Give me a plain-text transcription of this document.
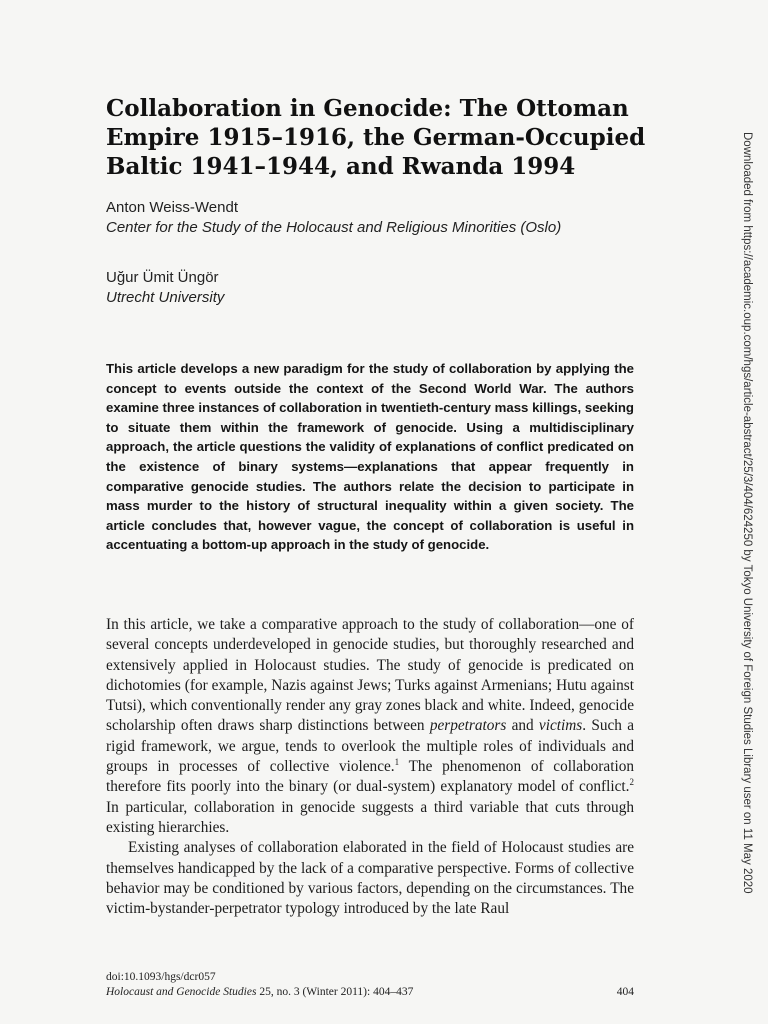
Collaboration in Genocide: The Ottoman Empire 1915–1916, the German-Occupied Baltic 1941–1944, and Rwanda 1994
Anton Weiss-Wendt
Center for the Study of the Holocaust and Religious Minorities (Oslo)
Uğur Ümit Üngör
Utrecht University
This article develops a new paradigm for the study of collaboration by applying the concept to events outside the context of the Second World War. The authors examine three instances of collaboration in twentieth-century mass killings, seeking to situate them within the framework of genocide. Using a multidisciplinary approach, the article questions the validity of explanations of conflict predicated on the existence of binary systems—explanations that appear frequently in comparative genocide studies. The authors relate the decision to participate in mass murder to the history of structural inequality within a given society. The article concludes that, however vague, the concept of collaboration is useful in accentuating a bottom-up approach in the study of genocide.

In this article, we take a comparative approach to the study of collaboration—one of several concepts underdeveloped in genocide studies, but thoroughly researched and extensively applied in Holocaust studies. The study of genocide is predicated on dichotomies (for example, Nazis against Jews; Turks against Armenians; Hutu against Tutsi), which conventionally render any gray zones black and white. Indeed, genocide scholarship often draws sharp distinctions between perpetrators and victims. Such a rigid framework, we argue, tends to overlook the multiple roles of individuals and groups in processes of collective violence.$^1$ The phenomenon of collaboration therefore fits poorly into the binary (or dual-system) explanatory model of conflict.$^2$ In particular, collaboration in genocide suggests a third variable that cuts through existing hierarchies.

Existing analyses of collaboration elaborated in the field of Holocaust studies are themselves handicapped by the lack of a comparative perspective. Forms of collective behavior may be conditioned by various factors, depending on the circumstances. The victim-bystander-perpetrator typology introduced by the late Raul

doi:10.1093/hgs/dcr057
Holocaust and Genocide Studies 25, no. 3 (Winter 2011): 404–437	404
Downloaded from https://academic.oup.com/hgs/article-abstract/25/3/404/624250 by Tokyo University of Foreign Studies Library user on 11 May 2020
